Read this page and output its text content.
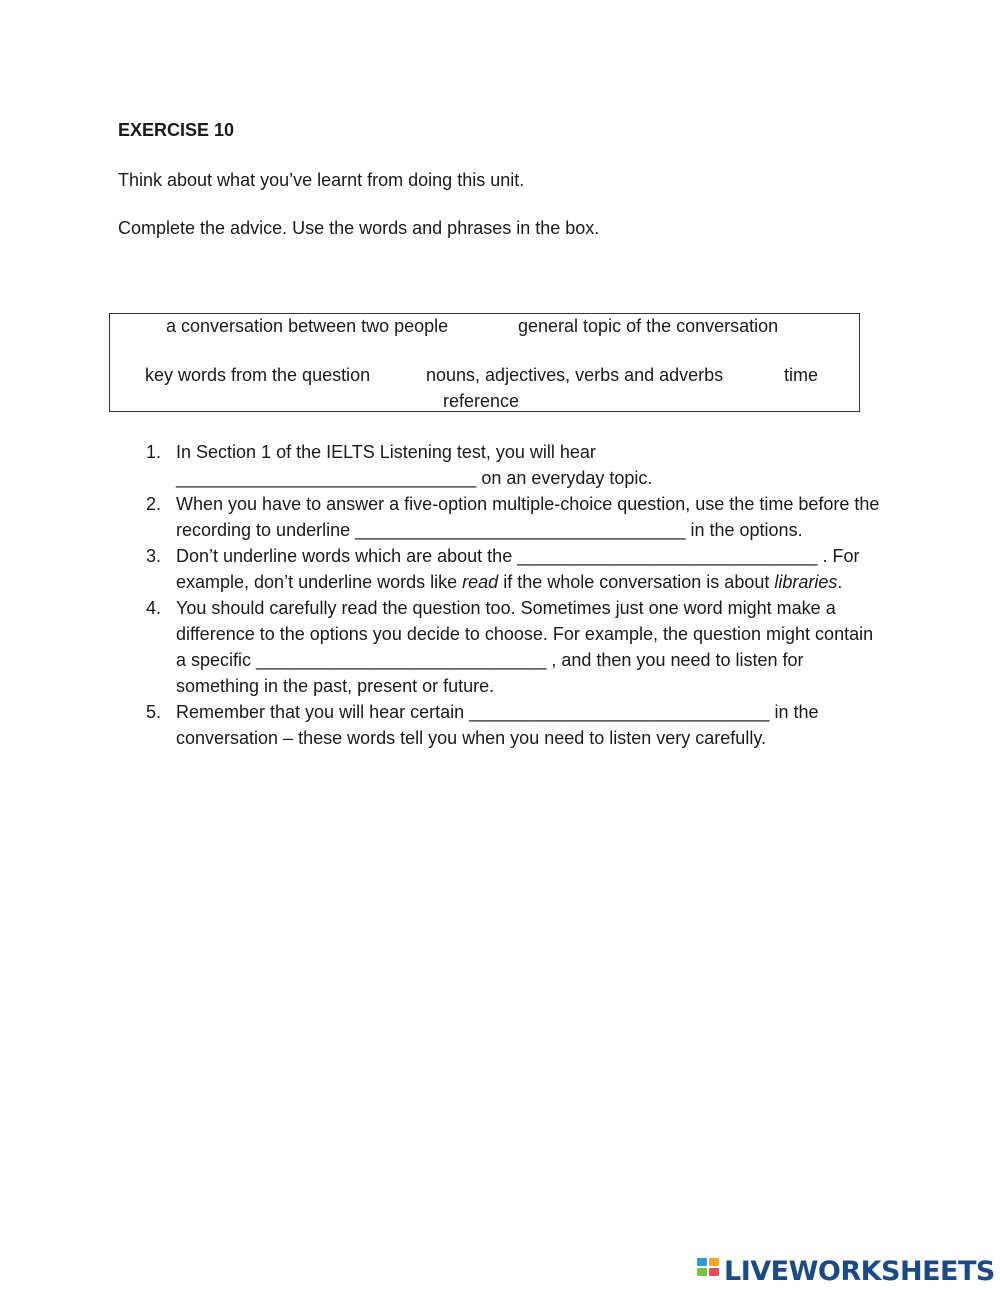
EXERCISE 10
Think about what you’ve learnt from doing this unit.
Complete the advice. Use the words and phrases in the box.
a conversation between two people	general topic of the conversation
key words from the question	nouns, adjectives, verbs and adverbs	time
reference
1. In Section 1 of the IELTS Listening test, you will hear
______________________________ on an everyday topic.
2. When you have to answer a five-option multiple-choice question, use the time before the recording to underline _________________________________ in the options.
3. Don’t underline words which are about the ______________________________ . For example, don’t underline words like read if the whole conversation is about libraries.
4. You should carefully read the question too. Sometimes just one word might make a difference to the options you decide to choose. For example, the question might contain a specific _____________________________ , and then you need to listen for something in the past, present or future.
5. Remember that you will hear certain ______________________________ in the conversation – these words tell you when you need to listen very carefully.
LIVEWORKSHEETS
